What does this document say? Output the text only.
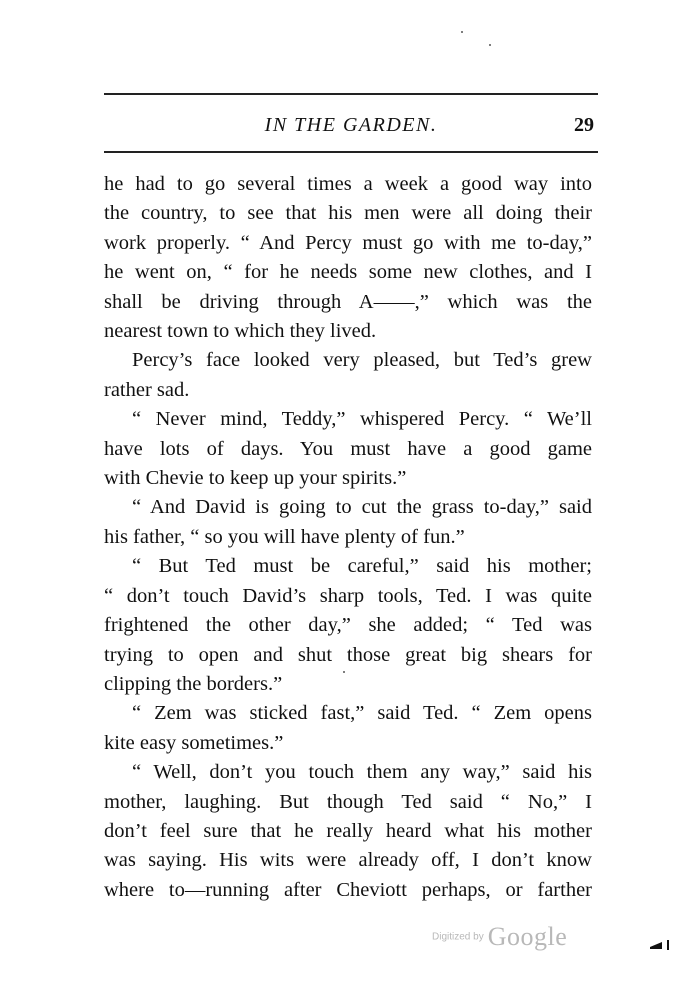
IN THE GARDEN.	29
he had to go several times a week a good way into
the country, to see that his men were all doing their
work properly. “ And Percy must go with me to-day,”
he went on, “ for he needs some new clothes, and I
shall be driving through A——,” which was the
nearest town to which they lived.
Percy’s face looked very pleased, but Ted’s grew
rather sad.
“ Never mind, Teddy,” whispered Percy. “ We’ll
have lots of days. You must have a good game
with Chevie to keep up your spirits.”
“ And David is going to cut the grass to-day,” said
his father, “ so you will have plenty of fun.”
“ But Ted must be careful,” said his mother;
“ don’t touch David’s sharp tools, Ted. I was quite
frightened the other day,” she added; “ Ted was
trying to open and shut those great big shears for
clipping the borders.”
“ Zem was sticked fast,” said Ted. “ Zem opens
kite easy sometimes.”
“ Well, don’t you touch them any way,” said his
mother, laughing. But though Ted said “ No,” I
don’t feel sure that he really heard what his mother
was saying. His wits were already off, I don’t know
where to—running after Cheviott perhaps, or farther
Digitized by Google
